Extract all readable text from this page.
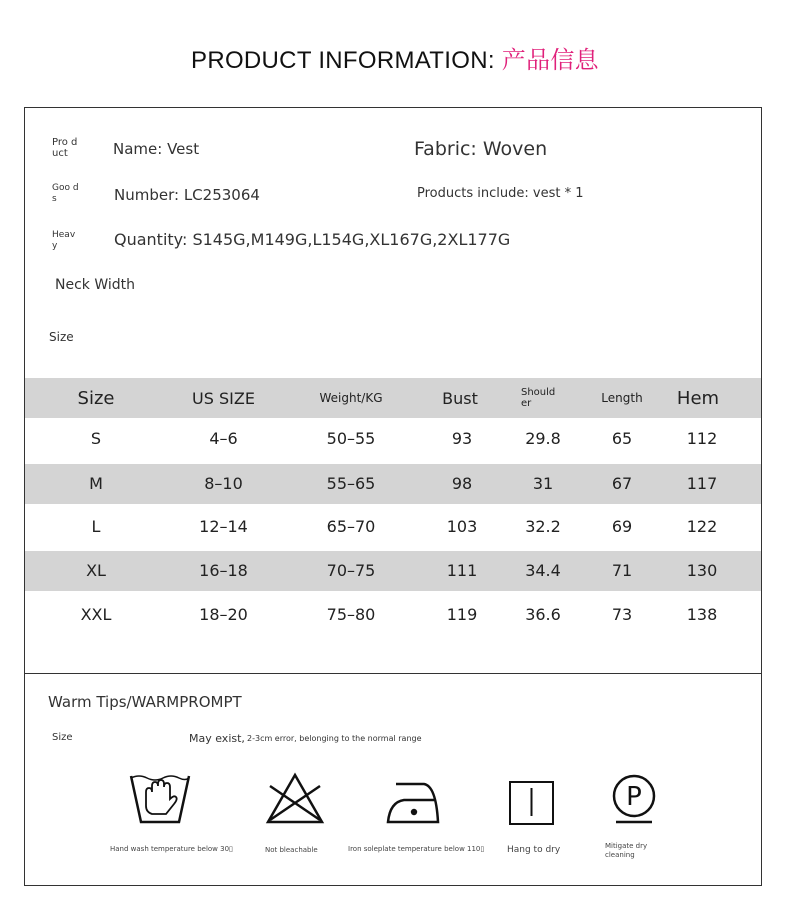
PRODUCT INFORMATION: 产品信息
Pro duct	Name: Vest	Fabric: Woven
Goo ds	Number: LC253064	Products include: vest * 1
Heav y	Quantity: S145G,M149G,L154G,XL167G,2XL177G
Neck Width
Size
Size	US SIZE	Weight/KG	Bust	Should er	Length	Hem
S	4–6	50–55	93	29.8	65	112
M	8–10	55–65	98	31	67	117
L	12–14	65–70	103	32.2	69	122
XL	16–18	70–75	111	34.4	71	130
XXL	18–20	75–80	119	36.6	73	138
Warm Tips/WARMPROMPT
Size	May exist, 2-3cm error, belonging to the normal range
P
Hand wash temperature below 30▯	Not bleachable	Iron soleplate temperature below 110▯	Hang to dry	Mitigate dry cleaning
